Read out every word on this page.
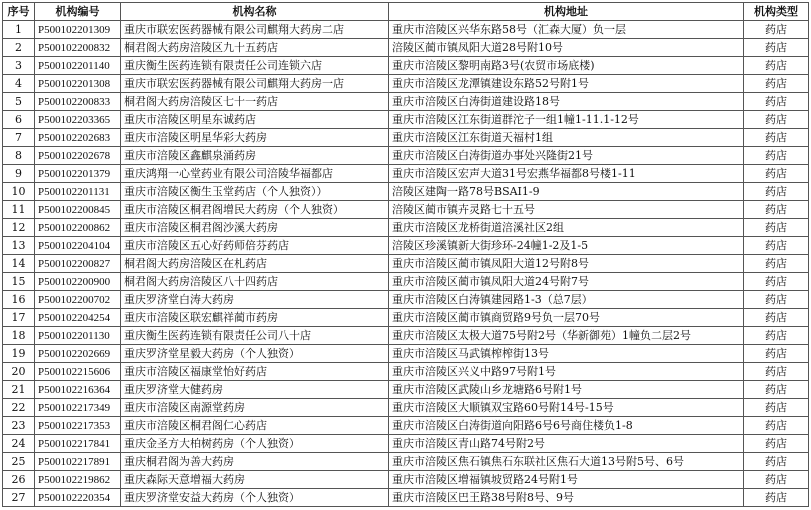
序号	机构编号	机构名称	机构地址	机构类型
1	P500102201309	重庆市联宏医药器械有限公司麒翔大药房二店	重庆市涪陵区兴华东路58号（汇森大厦）负一层	药店
2	P500102200832	桐君阁大药房涪陵区九十五药店	涪陵区蔺市镇凤阳大道28号附10号	药店
3	P500102201140	重庆衡生医药连锁有限责任公司连锁六店	重庆市涪陵区黎明南路3号(农贸市场底楼)	药店
4	P500102201308	重庆市联宏医药器械有限公司麒翔大药房一店	重庆市涪陵区龙潭镇建设东路52号附1号	药店
5	P500102200833	桐君阁大药房涪陵区七十一药店	重庆市涪陵区白涛街道建设路18号	药店
6	P500102203365	重庆市涪陵区明星东诚药店	重庆市涪陵区江东街道群沱子一组1幢1-11.1-12号	药店
7	P500102202683	重庆市涪陵区明星华彩大药房	重庆市涪陵区江东街道天福村1组	药店
8	P500102202678	重庆市涪陵区鑫麒泉涌药房	重庆市涪陵区白涛街道办事处兴隆街21号	药店
9	P500102201379	重庆鸿翔一心堂药业有限公司涪陵华福都店	重庆市涪陵区宏声大道31号宏燕华福都8号楼1-11	药店
10	P500102201131	重庆市涪陵区衡生玉堂药店（个人独资））	涪陵区建陶一路78号BSAⅠ1-9	药店
11	P500102200845	重庆市涪陵区桐君阁增民大药房（个人独资）	涪陵区蔺市镇卉灵路七十五号	药店
12	P500102200862	重庆市涪陵区桐君阁沙溪大药房	重庆市涪陵区龙桥街道涪溪社区2组	药店
13	P500102204104	重庆市涪陵区五心好药师倍芬药店	涪陵区珍溪镇新大街珍环-24幢1-2及1-5	药店
14	P500102200827	桐君阁大药房涪陵区在札药店	重庆市涪陵区蔺市镇凤阳大道12号附8号	药店
15	P500102200900	桐君阁大药房涪陵区八十四药店	重庆市涪陵区蔺市镇凤阳大道24号附7号	药店
16	P500102200702	重庆罗济堂白涛大药房	重庆市涪陵区白涛镇建园路1-3（总7层）	药店
17	P500102204254	重庆市涪陵区联宏麒祥蔺市药房	重庆市涪陵区蔺市镇商贸路9号负一层70号	药店
18	P500102201130	重庆衡生医药连锁有限责任公司八十店	重庆市涪陵区太极大道75号附2号（华新御苑）1幢负二层2号	药店
19	P500102202669	重庆罗济堂星毅大药房（个人独资）	重庆市涪陵区马武镇榨榨街13号	药店
20	P500102215606	重庆市涪陵区福康堂怡好药店	重庆市涪陵区兴义中路97号附1号	药店
21	P500102216364	重庆罗济堂大健药房	重庆市涪陵区武陵山乡龙塘路6号附1号	药店
22	P500102217349	重庆市涪陵区南源堂药房	重庆市涪陵区大顺镇双宝路60号附14号-15号	药店
23	P500102217353	重庆市涪陵区桐君阁仁心药店	重庆市涪陵区白涛街道向阳路6号6号商住楼负1-8	药店
24	P500102217841	重庆金圣方大柏树药房（个人独资）	重庆市涪陵区青山路74号附2号	药店
25	P500102217891	重庆桐君阁为善大药房	重庆市涪陵区焦石镇焦石东联社区焦石大道13号附5号、6号	药店
26	P500102219862	重庆森际天意增福大药房	重庆市涪陵区增福镇坡贸路24号附1号	药店
27	P500102220354	重庆罗济堂安益大药房（个人独资）	重庆市涪陵区巴王路38号附8号、9号	药店
